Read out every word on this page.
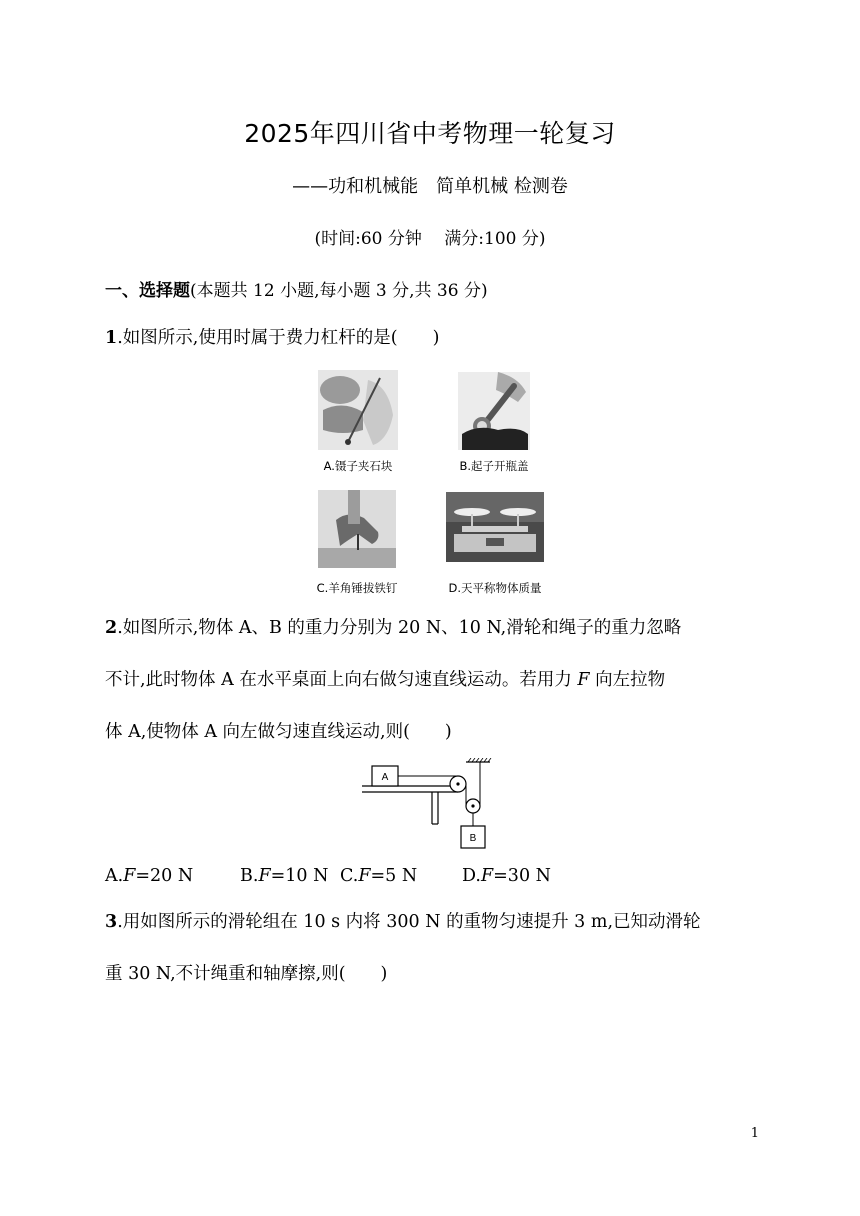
2025年四川省中考物理一轮复习
——功和机械能　简单机械 检测卷
(时间:60 分钟　 满分:100 分)
一、选择题(本题共 12 小题,每小题 3 分,共 36 分)
1.如图所示,使用时属于费力杠杆的是(　　)
A.镊子夹石块	B.起子开瓶盖
C.羊角锤拔铁钉	D.天平称物体质量
2.如图所示,物体 A、B 的重力分别为 20 N、10 N,滑轮和绳子的重力忽略
不计,此时物体 A 在水平桌面上向右做匀速直线运动。若用力 F 向左拉物
体 A,使物体 A 向左做匀速直线运动,则(　　)
A
B
A.F=20 N	B.F=10 N C.F=5 N	D.F=30 N
3.用如图所示的滑轮组在 10 s 内将 300 N 的重物匀速提升 3 m,已知动滑轮
重 30 N,不计绳重和轴摩擦,则(　　)
1
